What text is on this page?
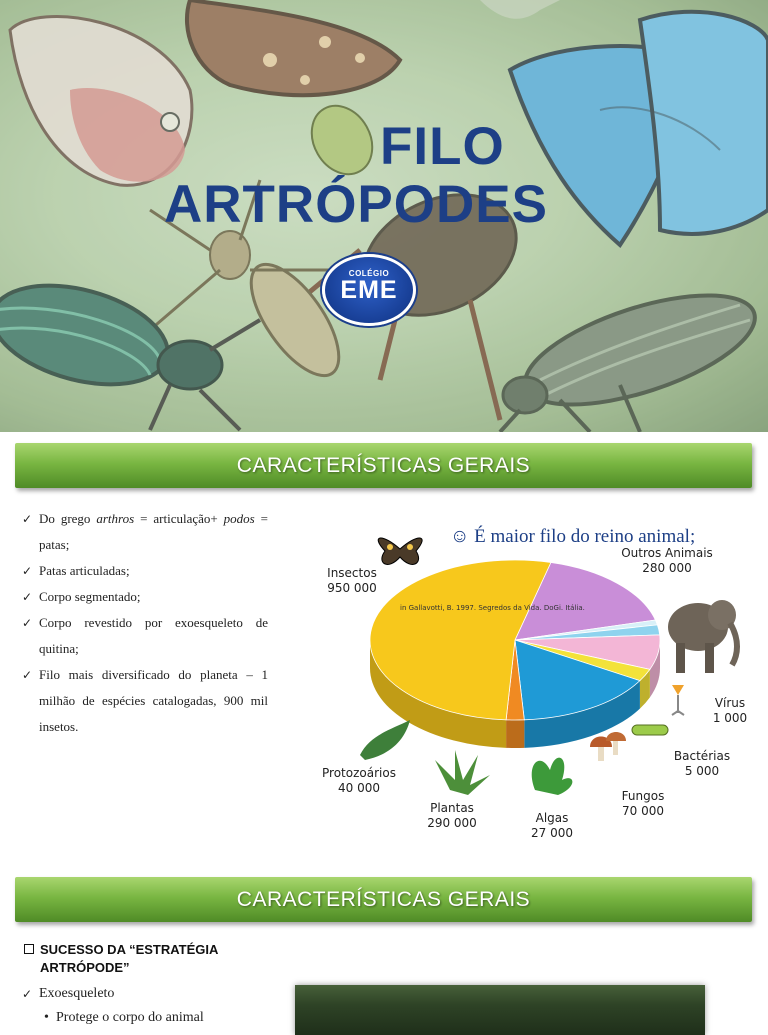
FILO
ARTRÓPODES
COLÉGIO
EME
CARACTERÍSTICAS GERAIS
✓ Do grego arthros = articulação+ podos = patas;
✓ Patas articuladas;
✓ Corpo segmentado;
✓ Corpo revestido por exoesqueleto de quitina;
✓ Filo mais diversificado do planeta – 1 milhão de espécies catalogadas, 900 mil insetos.
☺ É maior filo do reino animal;
in Gallavotti, B. 1997. Segredos da Vida. DoGi. Itália.
Insectos
950 000
Outros Animais
280 000
Vírus
1 000
Bactérias
5 000
Fungos
70 000
Algas
27 000
Plantas
290 000
Protozoários
40 000
CARACTERÍSTICAS GERAIS
SUCESSO DA “ESTRATÉGIA ARTRÓPODE”
✓ Exoesqueleto
• Protege o corpo do animal
